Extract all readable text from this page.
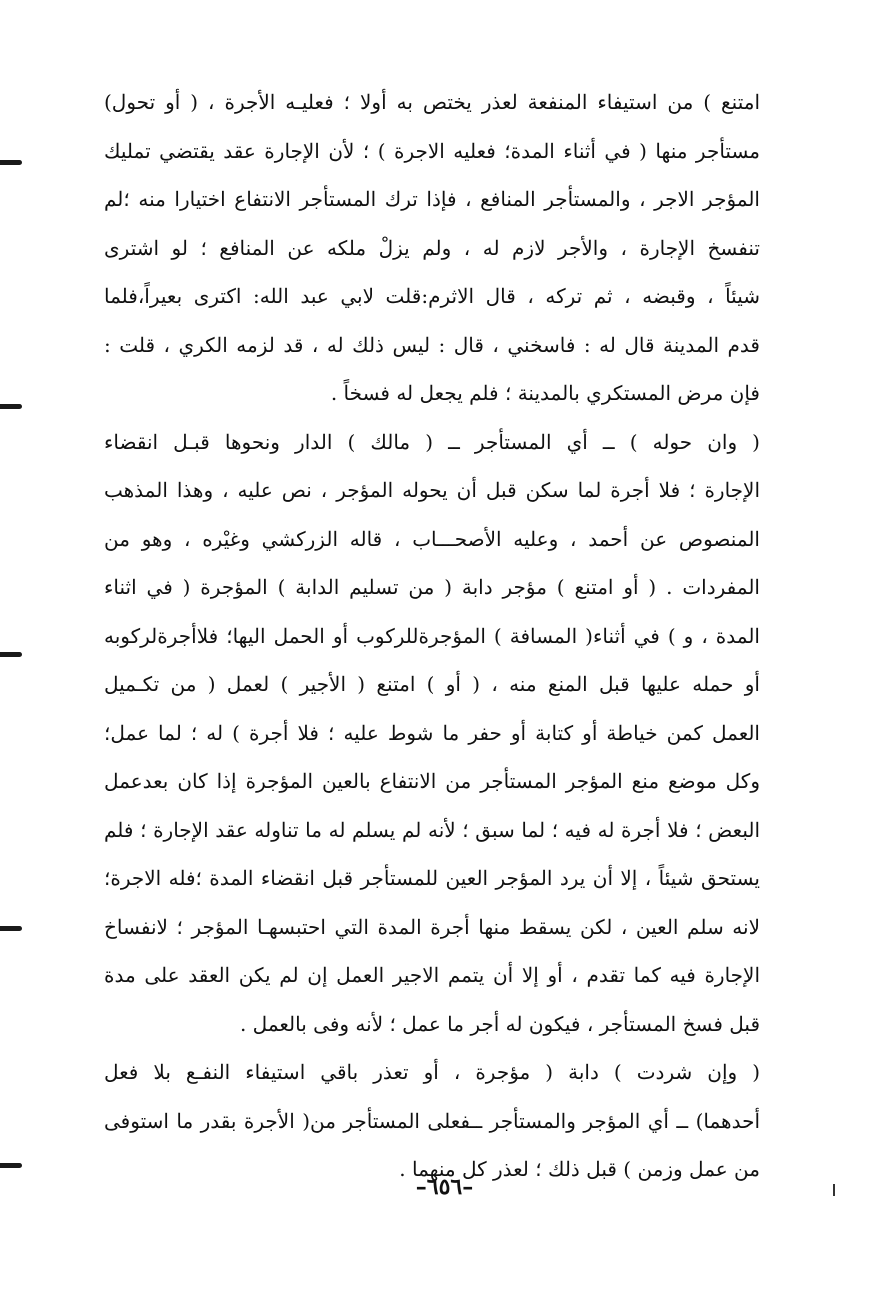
امتنع ) من استيفاء المنفعة لعذر يختص به أولا ؛ فعليـه الأجرة ، ( أو تحول)
مستأجر منها ( في أثناء المدة؛ فعليه الاجرة ) ؛ لأن الإجارة عقد يقتضي تمليك
المؤجر الاجر ، والمستأجر المنافع ، فإذا ترك المستأجر الانتفاع اختيارا منه ؛لم
تنفسخ الإجارة ، والأجر لازم له ، ولم يزلْ ملكه عن المنافع ؛ لو اشترى
شيئاً ، وقبضه ، ثم تركه ، قال الاثرم:قلت لابي عبد الله: اكترى بعيراً،فلما
قدم المدينة قال له : فاسخني ، قال : ليس ذلك له ، قد لزمه الكري ، قلت :
فإن مرض المستكري بالمدينة ؛ فلم يجعل له فسخاً .
( وان حوله ) ــ أي المستأجر ــ ( مالك ) الدار ونحوها قبـل انقضاء
الإجارة ؛ فلا أجرة لما سكن قبل أن يحوله المؤجر ، نص عليه ، وهذا المذهب
المنصوص عن أحمد ، وعليه الأصحـــاب ، قاله الزركشي وغيْره ، وهو من
المفردات . ( أو امتنع ) مؤجر دابة ( من تسليم الدابة ) المؤجرة ( في اثناء
المدة ، و ) في أثناء( المسافة ) المؤجرةللركوب أو الحمل اليها؛ فلاأجرةلركوبه
أو حمله عليها قبل المنع منه ، ( أو ) امتنع ( الأجير ) لعمل ( من تكـميل
العمل كمن خياطة أو كتابة أو حفر ما شوط عليه ؛ فلا أجرة ) له ؛ لما عمل؛
وكل موضع منع المؤجر المستأجر من الانتفاع بالعين المؤجرة إذا كان بعدعمل
البعض ؛ فلا أجرة له فيه ؛ لما سبق ؛ لأنه لم يسلم له ما تناوله عقد الإجارة ؛ فلم
يستحق شيئاً ، إلا أن يرد المؤجر العين للمستأجر قبل انقضاء المدة ؛فله الاجرة؛
لانه سلم العين ، لكن يسقط منها أجرة المدة التي احتبسهـا المؤجر ؛ لانفساخ
الإجارة فيه كما تقدم ، أو إلا أن يتمم الاجير العمل إن لم يكن العقد على مدة
قبل فسخ المستأجر ، فيكون له أجر ما عمل ؛ لأنه وفى بالعمل .
( وإن شردت ) دابة ( مؤجرة ، أو تعذر باقي استيفاء النفـع بلا فعل
أحدهما) ــ أي المؤجر والمستأجر ــفعلى المستأجر من( الأجرة بقدر ما استوفى
من عمل وزمن ) قبل ذلك ؛ لعذر كل منهما .
–٦٥٦–
